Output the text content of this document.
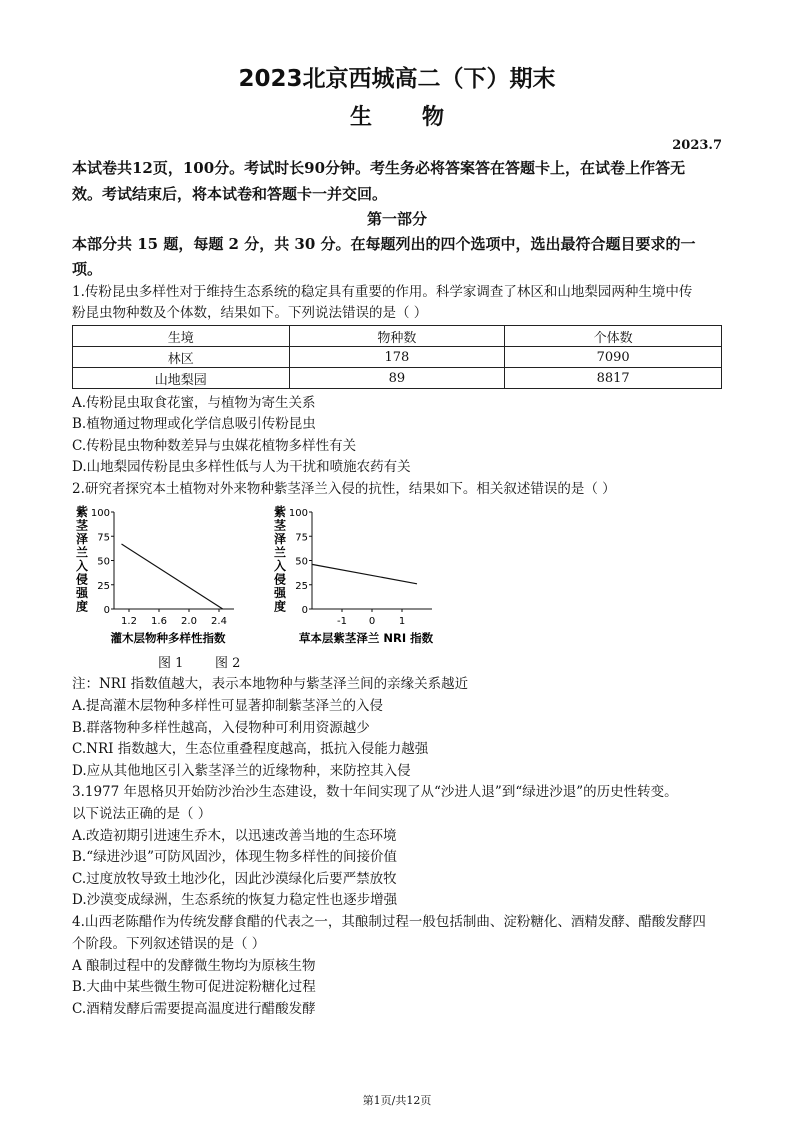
2023北京西城高二（下）期末
生物
2023.7
本试卷共12页，100分。考试时长90分钟。考生务必将答案答在答题卡上，在试卷上作答无
效。考试结束后，将本试卷和答题卡一并交回。
第一部分
本部分共 15 题，每题 2 分，共 30 分。在每题列出的四个选项中，选出最符合题目要求的一
项。
1.传粉昆虫多样性对于维持生态系统的稳定具有重要的作用。科学家调查了林区和山地梨园两种生境中传
粉昆虫物种数及个体数，结果如下。下列说法错误的是（ ）
生境	物种数	个体数
林区	178	7090
山地梨园	89	8817
A.传粉昆虫取食花蜜，与植物为寄生关系
B.植物通过物理或化学信息吸引传粉昆虫
C.传粉昆虫物种数差异与虫媒花植物多样性有关
D.山地梨园传粉昆虫多样性低与人为干扰和喷施农药有关
2.研究者探究本土植物对外来物种紫茎泽兰入侵的抗性，结果如下。相关叙述错误的是（ ）
紫
茎
泽
兰
入
侵
强
度 0
25
50
75
100
1.2 1.6 2.0 2.4
灌木层物种多样性指数
紫
茎
泽
兰
入
侵
强
度 0
25
50
75
100
-1 0 1
草本层紫茎泽兰 NRI 指数
图 1 图 2
注：NRI 指数值越大，表示本地物种与紫茎泽兰间的亲缘关系越近
A.提高灌木层物种多样性可显著抑制紫茎泽兰的入侵
B.群落物种多样性越高，入侵物种可利用资源越少
C.NRI 指数越大，生态位重叠程度越高，抵抗入侵能力越强
D.应从其他地区引入紫茎泽兰的近缘物种，来防控其入侵
3.1977 年恩格贝开始防沙治沙生态建设，数十年间实现了从“沙进人退”到“绿进沙退”的历史性转变。
以下说法正确的是（ ）
A.改造初期引进速生乔木，以迅速改善当地的生态环境
B.“绿进沙退”可防风固沙，体现生物多样性的间接价值
C.过度放牧导致土地沙化，因此沙漠绿化后要严禁放牧
D.沙漠变成绿洲，生态系统的恢复力稳定性也逐步增强
4.山西老陈醋作为传统发酵食醋的代表之一，其酿制过程一般包括制曲、淀粉糖化、酒精发酵、醋酸发酵四
个阶段。下列叙述错误的是（ ）
A 酿制过程中的发酵微生物均为原核生物
B.大曲中某些微生物可促进淀粉糖化过程
C.酒精发酵后需要提高温度进行醋酸发酵
第1页/共12页
